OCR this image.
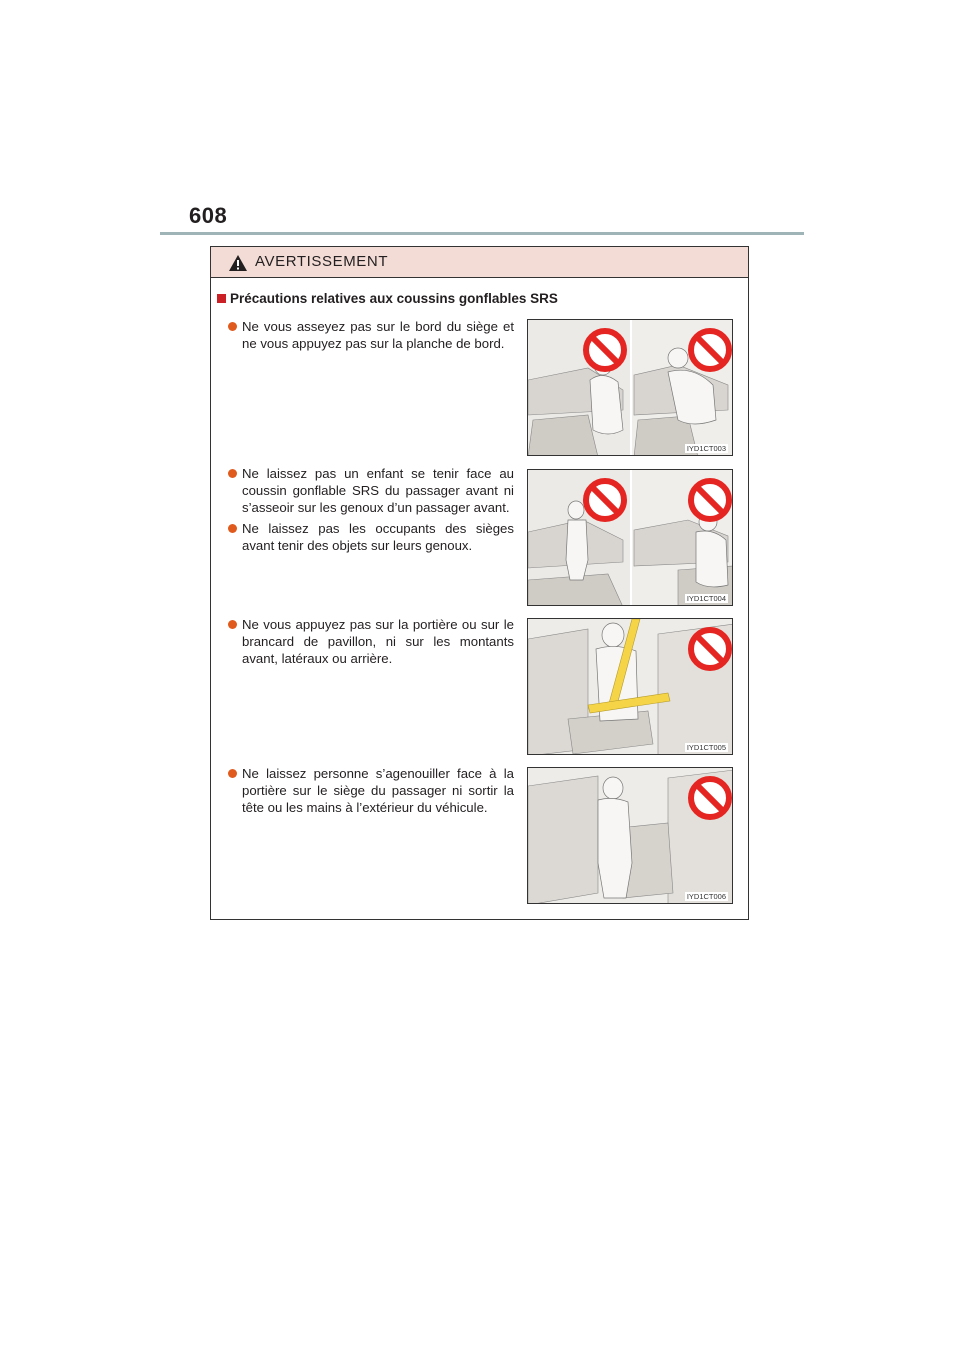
608
AVERTISSEMENT
Précautions relatives aux coussins gonflables SRS
Ne vous asseyez pas sur le bord du siège et ne vous appuyez pas sur la planche de bord.
Ne laissez pas un enfant se tenir face au coussin gonflable SRS du passager avant ni s’asseoir sur les genoux d’un passager avant.
Ne laissez pas les occupants des sièges avant tenir des objets sur leurs genoux.
Ne vous appuyez pas sur la portière ou sur le brancard de pavillon, ni sur les montants avant, latéraux ou arrière.
Ne laissez personne s’agenouiller face à la portière sur le siège du passager ni sortir la tête ou les mains à l’extérieur du véhicule.
IYD1CT003
IYD1CT004
IYD1CT005
IYD1CT006
